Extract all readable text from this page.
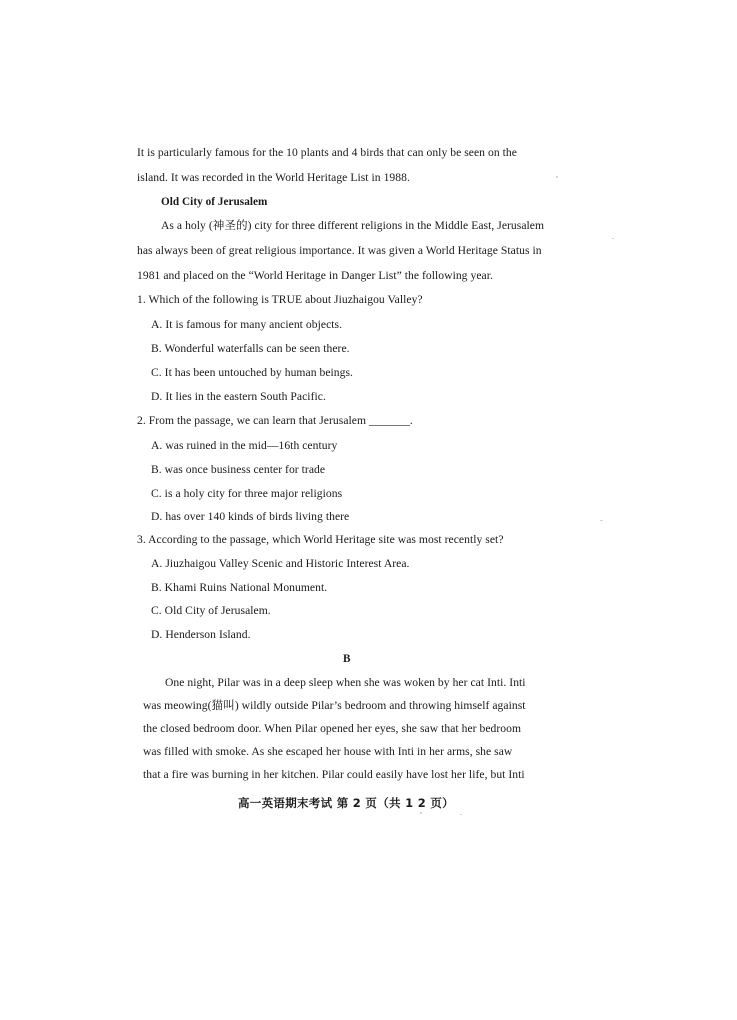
It is particularly famous for the 10 plants and 4 birds that can only be seen on the
island. It was recorded in the World Heritage List in 1988.
Old City of Jerusalem
As a holy (神圣的) city for three different religions in the Middle East, Jerusalem
has always been of great religious importance. It was given a World Heritage Status in
1981 and placed on the “World Heritage in Danger List” the following year.
1. Which of the following is TRUE about Jiuzhaigou Valley?
A. It is famous for many ancient objects.
B. Wonderful waterfalls can be seen there.
C. It has been untouched by human beings.
D. It lies in the eastern South Pacific.
2. From the passage, we can learn that Jerusalem _______.
A. was ruined in the mid—16th century
B. was once business center for trade
C. is a holy city for three major religions
D. has over 140 kinds of birds living there
3. According to the passage, which World Heritage site was most recently set?
A. Jiuzhaigou Valley Scenic and Historic Interest Area.
B. Khami Ruins National Monument.
C. Old City of Jerusalem.
D. Henderson Island.
B
One night, Pilar was in a deep sleep when she was woken by her cat Inti. Inti
was meowing(猫叫) wildly outside Pilar’s bedroom and throwing himself against
the closed bedroom door. When Pilar opened her eyes, she saw that her bedroom
was filled with smoke. As she escaped her house with Inti in her arms, she saw
that a fire was burning in her kitchen. Pilar could easily have lost her life, but Inti
高一英语期末考试 第 2 页（共 1 2 页）
